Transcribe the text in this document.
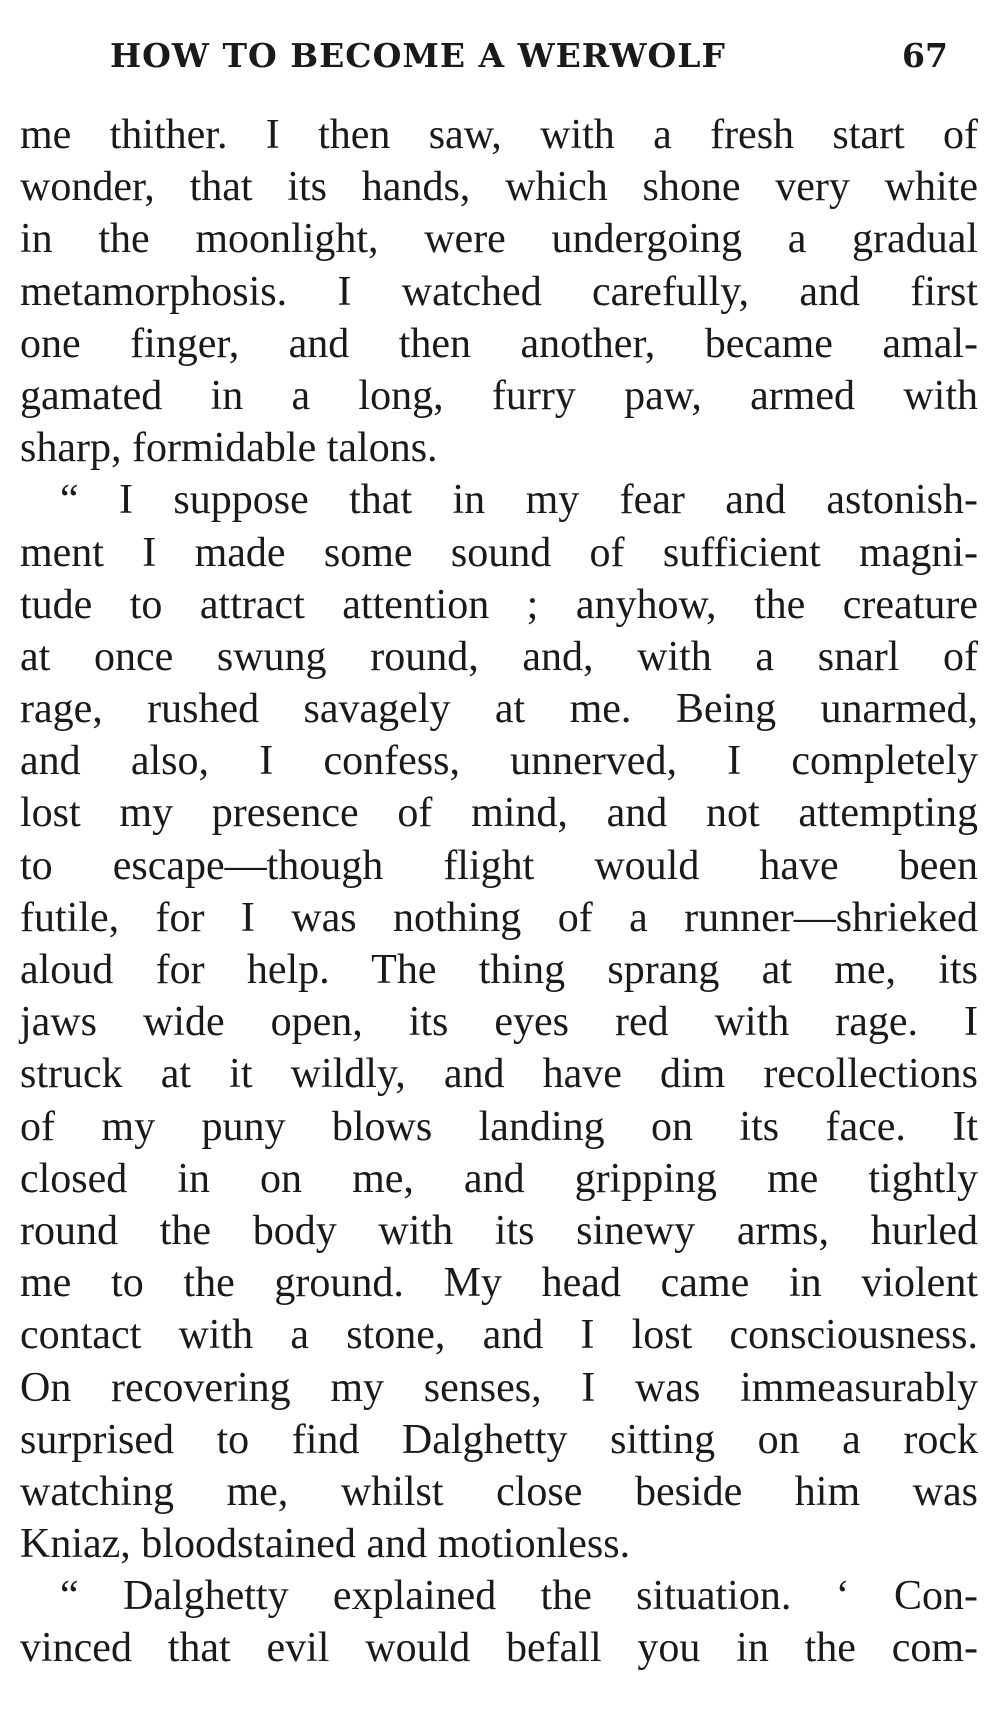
HOW TO BECOME A WERWOLF	67
me thither. I then saw, with a fresh start of
wonder, that its hands, which shone very white
in the moonlight, were undergoing a gradual
metamorphosis. I watched carefully, and first
one finger, and then another, became amal-
gamated in a long, furry paw, armed with
sharp, formidable talons.
“ I suppose that in my fear and astonish-
ment I made some sound of sufficient magni-
tude to attract attention ; anyhow, the creature
at once swung round, and, with a snarl of
rage, rushed savagely at me. Being unarmed,
and also, I confess, unnerved, I completely
lost my presence of mind, and not attempting
to escape—though flight would have been
futile, for I was nothing of a runner—shrieked
aloud for help. The thing sprang at me, its
jaws wide open, its eyes red with rage. I
struck at it wildly, and have dim recollections
of my puny blows landing on its face. It
closed in on me, and gripping me tightly
round the body with its sinewy arms, hurled
me to the ground. My head came in violent
contact with a stone, and I lost consciousness.
On recovering my senses, I was immeasurably
surprised to find Dalghetty sitting on a rock
watching me, whilst close beside him was
Kniaz, bloodstained and motionless.
“ Dalghetty explained the situation. ‘ Con-
vinced that evil would befall you in the com-
